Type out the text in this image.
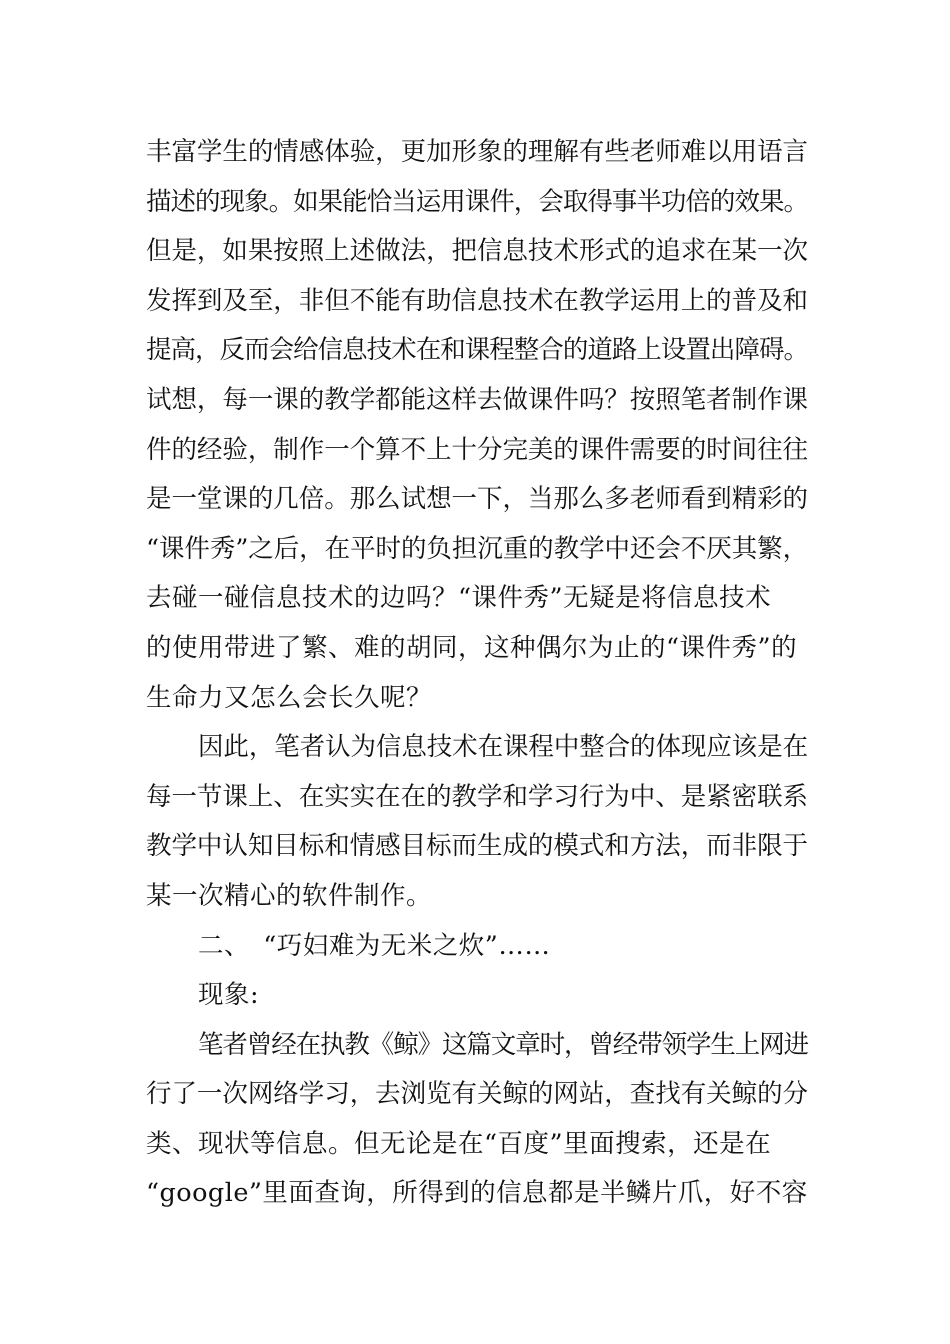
丰富学生的情感体验，更加形象的理解有些老师难以用语言
描述的现象。如果能恰当运用课件，会取得事半功倍的效果。
但是，如果按照上述做法，把信息技术形式的追求在某一次
发挥到及至，非但不能有助信息技术在教学运用上的普及和
提高，反而会给信息技术在和课程整合的道路上设置出障碍。
试想，每一课的教学都能这样去做课件吗？按照笔者制作课
件的经验，制作一个算不上十分完美的课件需要的时间往往
是一堂课的几倍。那么试想一下，当那么多老师看到精彩的
“课件秀”之后，在平时的负担沉重的教学中还会不厌其繁，
去碰一碰信息技术的边吗？“课件秀”无疑是将信息技术
的使用带进了繁、难的胡同，这种偶尔为止的“课件秀”的
生命力又怎么会长久呢？
因此，笔者认为信息技术在课程中整合的体现应该是在
每一节课上、在实实在在的教学和学习行为中、是紧密联系
教学中认知目标和情感目标而生成的模式和方法，而非限于
某一次精心的软件制作。
二、　“巧妇难为无米之炊”……
现象:
笔者曾经在执教《鲸》这篇文章时，曾经带领学生上网进
行了一次网络学习，去浏览有关鲸的网站，查找有关鲸的分
类、现状等信息。但无论是在“百度”里面搜索，还是在
“google”里面查询，所得到的信息都是半鳞片爪，好不容
